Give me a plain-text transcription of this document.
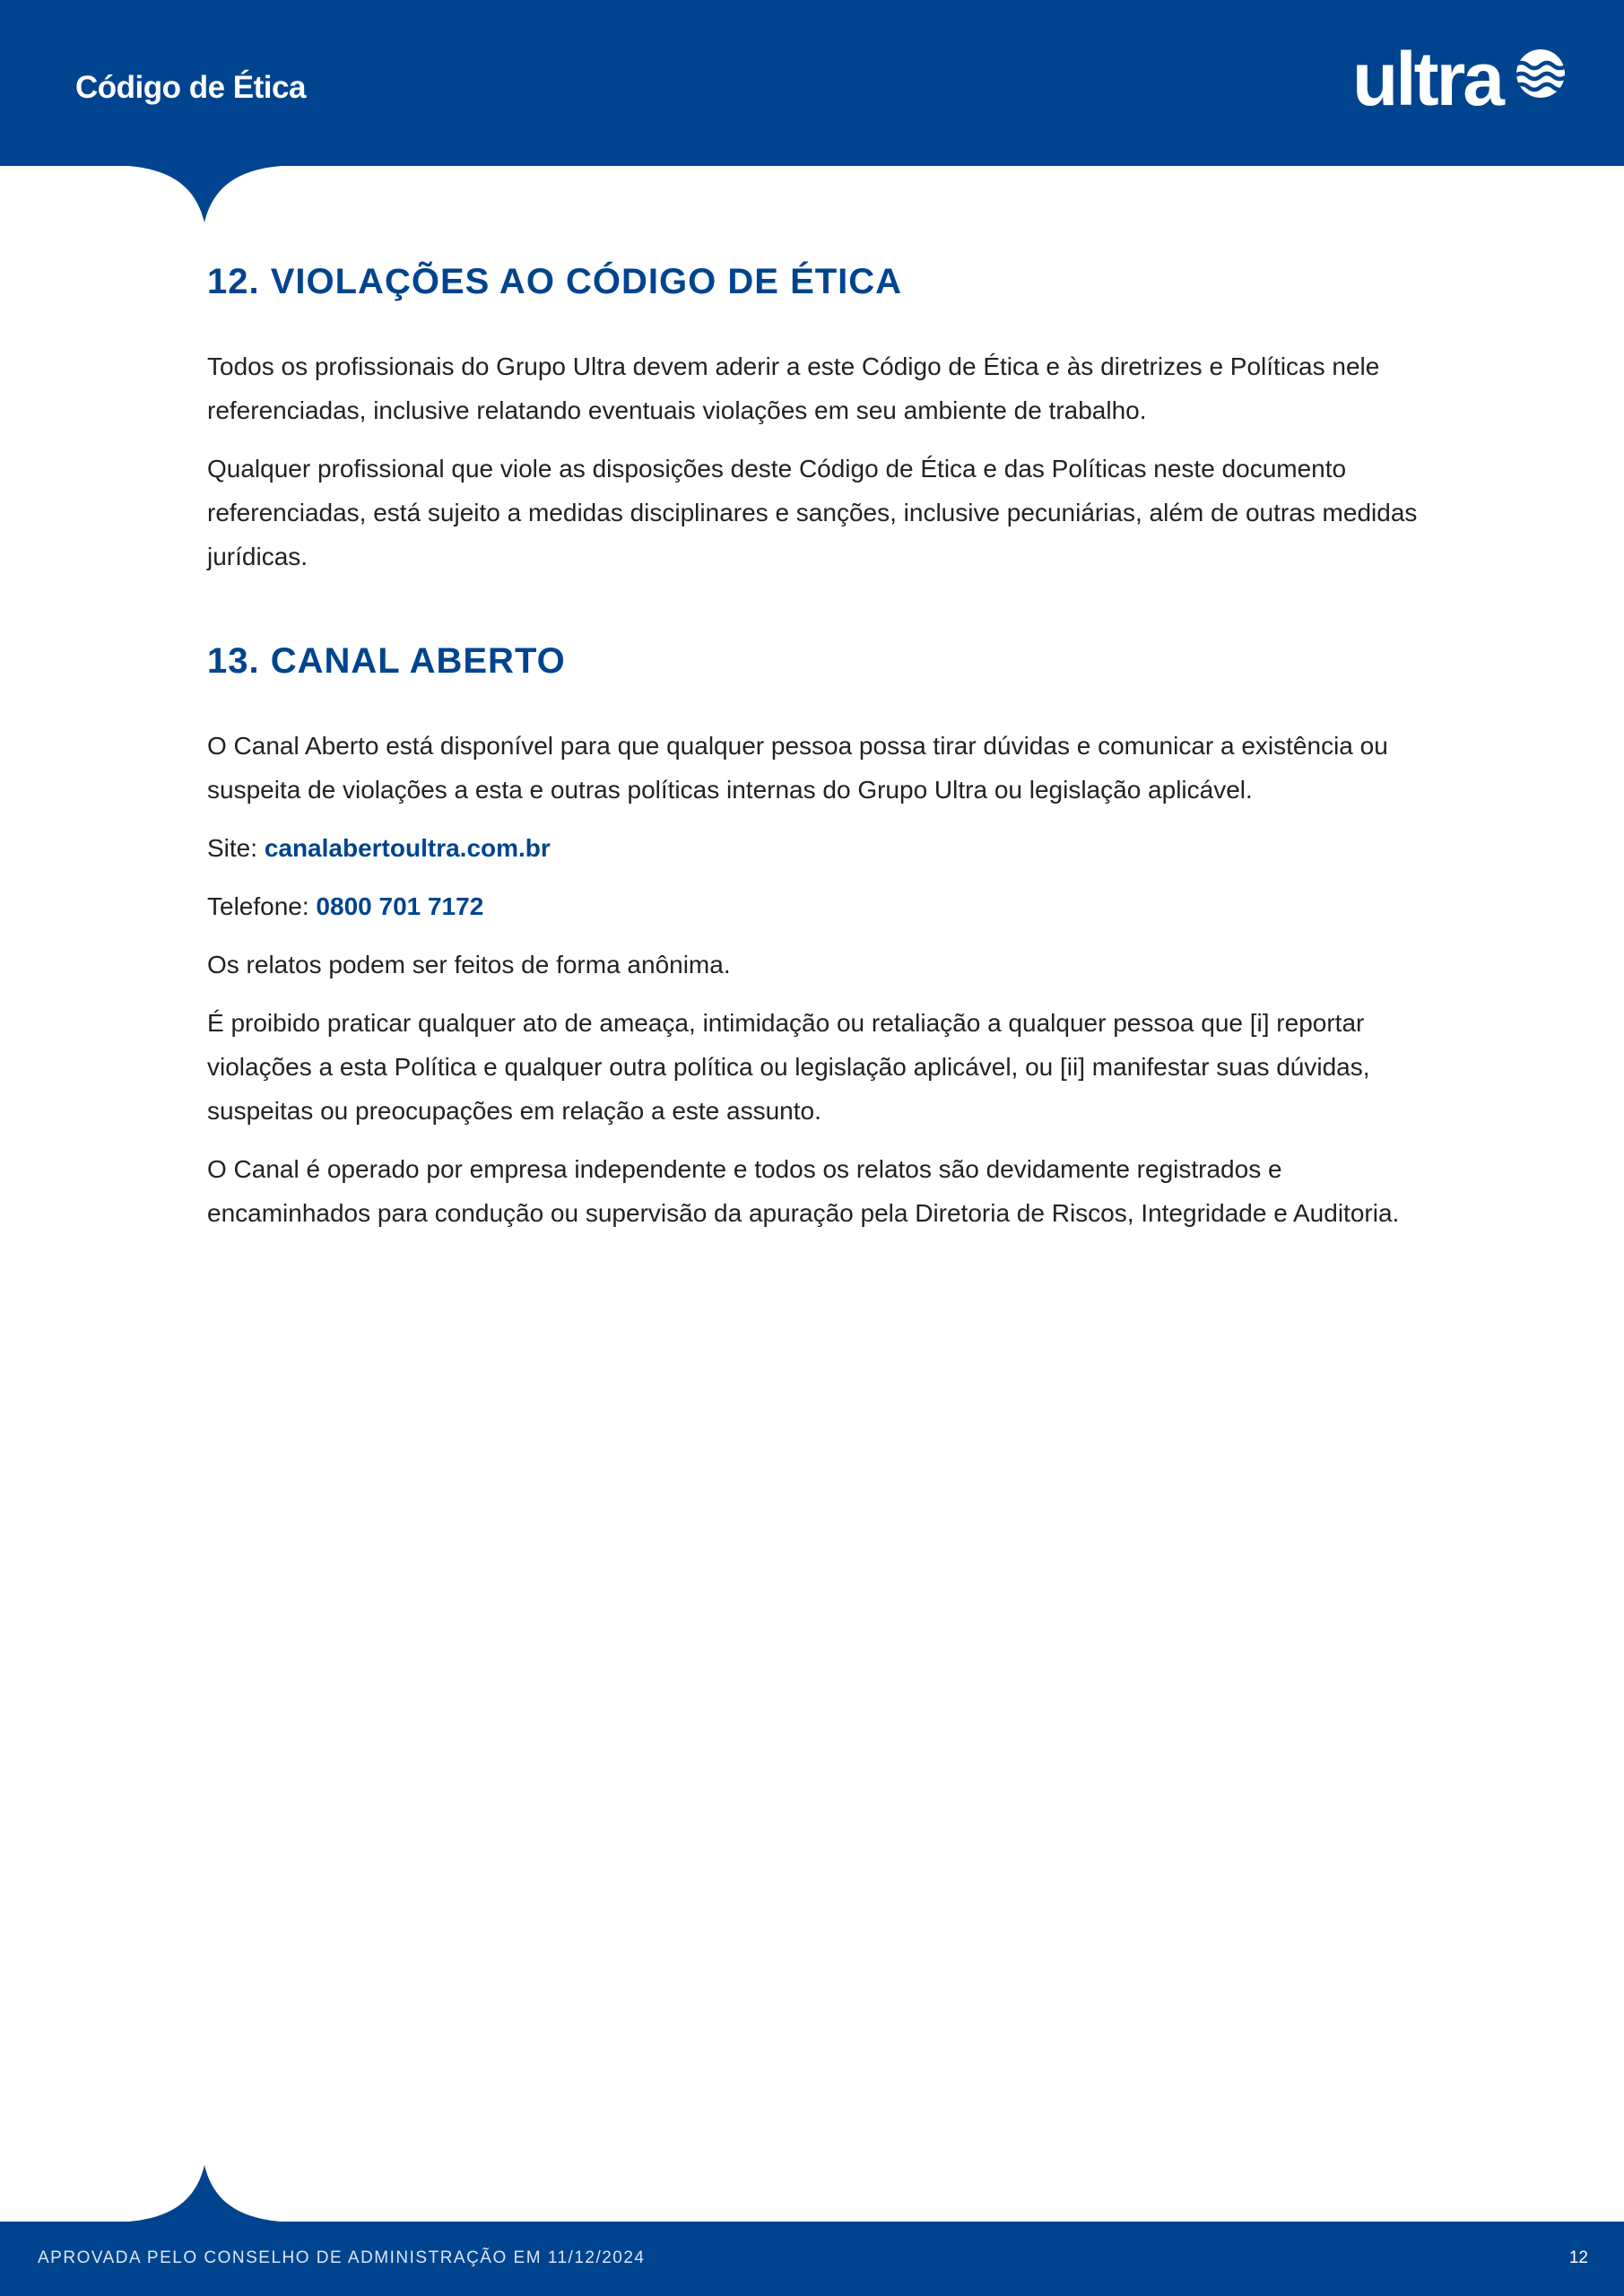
Código de Ética	ultra
12. VIOLAÇÕES AO CÓDIGO DE ÉTICA

Todos os profissionais do Grupo Ultra devem aderir a este Código de Ética e às diretrizes e Políticas nele referenciadas, inclusive relatando eventuais violações em seu ambiente de trabalho.

Qualquer profissional que viole as disposições deste Código de Ética e das Políticas neste documento referenciadas, está sujeito a medidas disciplinares e sanções, inclusive pecuniárias, além de outras medidas jurídicas.

13. CANAL ABERTO

O Canal Aberto está disponível para que qualquer pessoa possa tirar dúvidas e comunicar a existência ou suspeita de violações a esta e outras políticas internas do Grupo Ultra ou legislação aplicável.

Site: canalabertoultra.com.br

Telefone: 0800 701 7172

Os relatos podem ser feitos de forma anônima.

É proibido praticar qualquer ato de ameaça, intimidação ou retaliação a qualquer pessoa que [i] reportar violações a esta Política e qualquer outra política ou legislação aplicável, ou [ii] manifestar suas dúvidas, suspeitas ou preocupações em relação a este assunto.

O Canal é operado por empresa independente e todos os relatos são devidamente registrados e encaminhados para condução ou supervisão da apuração pela Diretoria de Riscos, Integridade e Auditoria.

APROVADA PELO CONSELHO DE ADMINISTRAÇÃO EM 11/12/2024	12
